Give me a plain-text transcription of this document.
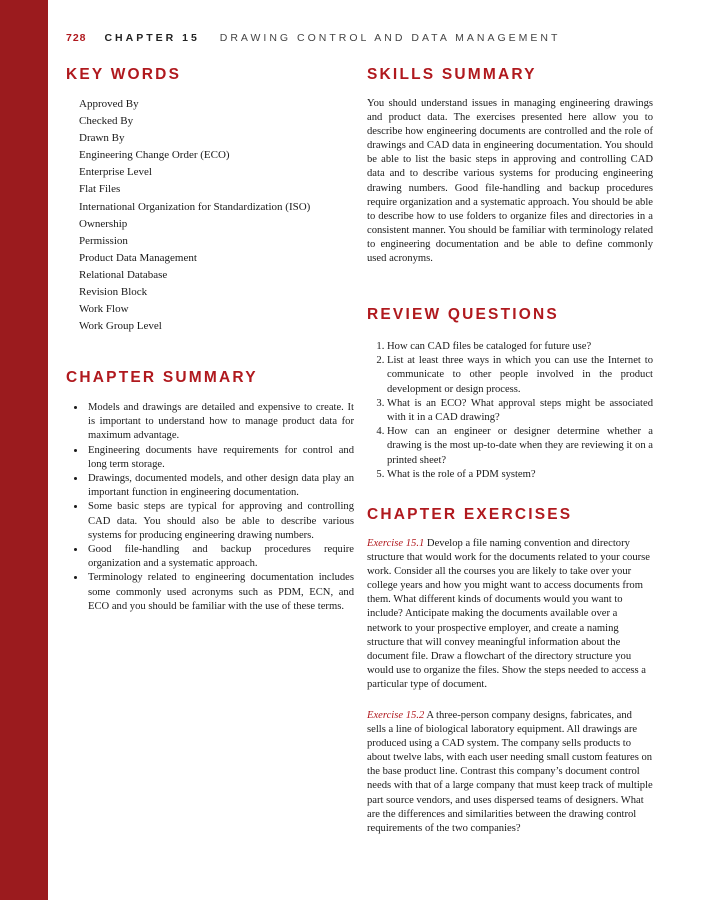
728 CHAPTER 15 DRAWING CONTROL AND DATA MANAGEMENT
KEY WORDS
Approved By
Checked By
Drawn By
Engineering Change Order (ECO)
Enterprise Level
Flat Files
International Organization for Standardization (ISO)
Ownership
Permission
Product Data Management
Relational Database
Revision Block
Work Flow
Work Group Level
CHAPTER SUMMARY
• Models and drawings are detailed and expensive to create. It is important to understand how to manage product data for maximum advantage.
• Engineering documents have requirements for control and long term storage.
• Drawings, documented models, and other design data play an important function in engineering documentation.
• Some basic steps are typical for approving and controlling CAD data. You should also be able to describe various systems for producing engineering drawing numbers.
• Good file-handling and backup procedures require organization and a systematic approach.
• Terminology related to engineering documentation includes some commonly used acronyms such as PDM, ECN, and ECO and you should be familiar with the use of these terms.
SKILLS SUMMARY

You should understand issues in managing engineering drawings and product data. The exercises presented here allow you to describe how engineering documents are controlled and the role of drawings and CAD data in engineering documentation. You should be able to list the basic steps in approving and controlling CAD data and to describe various systems for producing engineering drawing numbers. Good file-handling and backup procedures require organization and a systematic approach. You should be able to describe how to use folders to organize files and directories in a consistent manner. You should be familiar with terminology related to engineering documentation and be able to define commonly used acronyms.

REVIEW QUESTIONS
1. How can CAD files be cataloged for future use?
2. List at least three ways in which you can use the Internet to communicate to other people involved in the product development or design process.
3. What is an ECO? What approval steps might be associated with it in a CAD drawing?
4. How can an engineer or designer determine whether a drawing is the most up-to-date when they are reviewing it on a printed sheet?
5. What is the role of a PDM system?
CHAPTER EXERCISES

Exercise 15.1 Develop a file naming convention and directory structure that would work for the documents related to your course work. Consider all the courses you are likely to take over your college years and how you might want to access documents from them. What different kinds of documents would you want to include? Anticipate making the documents available over a network to your prospective employer, and create a naming structure that will convey meaningful information about the document file. Draw a flowchart of the directory structure you would use to organize the files. Show the steps needed to access a particular type of document.

Exercise 15.2 A three-person company designs, fabricates, and sells a line of biological laboratory equipment. All drawings are produced using a CAD system. The company sells products to about twelve labs, with each user needing small custom features on the base product line. Contrast this company’s document control needs with that of a large company that must keep track of multiple part source vendors, and uses dispersed teams of designers. What are the differences and similarities between the drawing control requirements of the two companies?
